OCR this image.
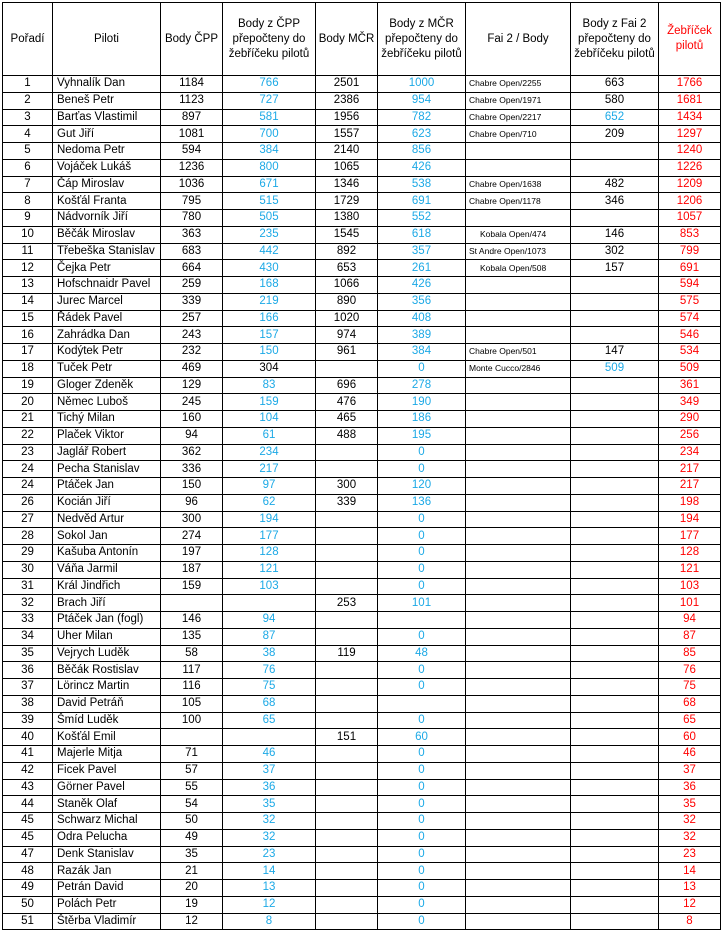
Pořadí	Piloti	Body ČPP	Body z ČPP přepočteny do žebříčeku pilotů	Body MČR	Body z MČR přepočteny do žebříčeku pilotů	Fai 2 / Body	Body z Fai 2 přepočteny do žebříčeku pilotů	Žebříček pilotů
1	Vyhnalík Dan	1184	766	2501	1000	Chabre Open/2255	663	1766
2	Beneš Petr	1123	727	2386	954	Chabre Open/1971	580	1681
3	Barťas Vlastimil	897	581	1956	782	Chabre Open/2217	652	1434
4	Gut Jiří	1081	700	1557	623	Chabre Open/710	209	1297
5	Nedoma Petr	594	384	2140	856			1240
6	Vojáček Lukáš	1236	800	1065	426			1226
7	Čáp Miroslav	1036	671	1346	538	Chabre Open/1638	482	1209
8	Košťál Franta	795	515	1729	691	Chabre Open/1178	346	1206
9	Nádvorník Jiří	780	505	1380	552			1057
10	Běčák Miroslav	363	235	1545	618	Kobala Open/474	146	853
11	Třebeška Stanislav	683	442	892	357	St Andre Open/1073	302	799
12	Čejka Petr	664	430	653	261	Kobala Open/508	157	691
13	Hofschnaidr Pavel	259	168	1066	426			594
14	Jurec Marcel	339	219	890	356			575
15	Řádek Pavel	257	166	1020	408			574
16	Zahrádka Dan	243	157	974	389			546
17	Kodýtek Petr	232	150	961	384	Chabre Open/501	147	534
18	Tuček Petr	469	304		0	Monte Cucco/2846	509	509
19	Gloger Zdeněk	129	83	696	278			361
20	Němec Luboš	245	159	476	190			349
21	Tichý Milan	160	104	465	186			290
22	Plaček Viktor	94	61	488	195			256
23	Jaglář Robert	362	234		0			234
24	Pecha Stanislav	336	217		0			217
24	Ptáček Jan	150	97	300	120			217
26	Kocián Jiří	96	62	339	136			198
27	Nedvěd Artur	300	194		0			194
28	Sokol Jan	274	177		0			177
29	Kašuba Antonín	197	128		0			128
30	Váňa Jarmil	187	121		0			121
31	Král Jindřich	159	103		0			103
32	Brach Jiří			253	101			101
33	Ptáček Jan (fogl)	146	94					94
34	Uher Milan	135	87		0			87
35	Vejrych Luděk	58	38	119	48			85
36	Běčák Rostislav	117	76		0			76
37	Lörincz Martin	116	75		0			75
38	David Petráň	105	68					68
39	Šmíd Luděk	100	65		0			65
40	Košťál Emil			151	60			60
41	Majerle Mitja	71	46		0			46
42	Ficek Pavel	57	37		0			37
43	Görner Pavel	55	36		0			36
44	Staněk Olaf	54	35		0			35
45	Schwarz Michal	50	32		0			32
45	Odra Pelucha	49	32		0			32
47	Denk Stanislav	35	23		0			23
48	Razák Jan	21	14		0			14
49	Petrán David	20	13		0			13
50	Polách Petr	19	12		0			12
51	Štěrba Vladimír	12	8		0			8
